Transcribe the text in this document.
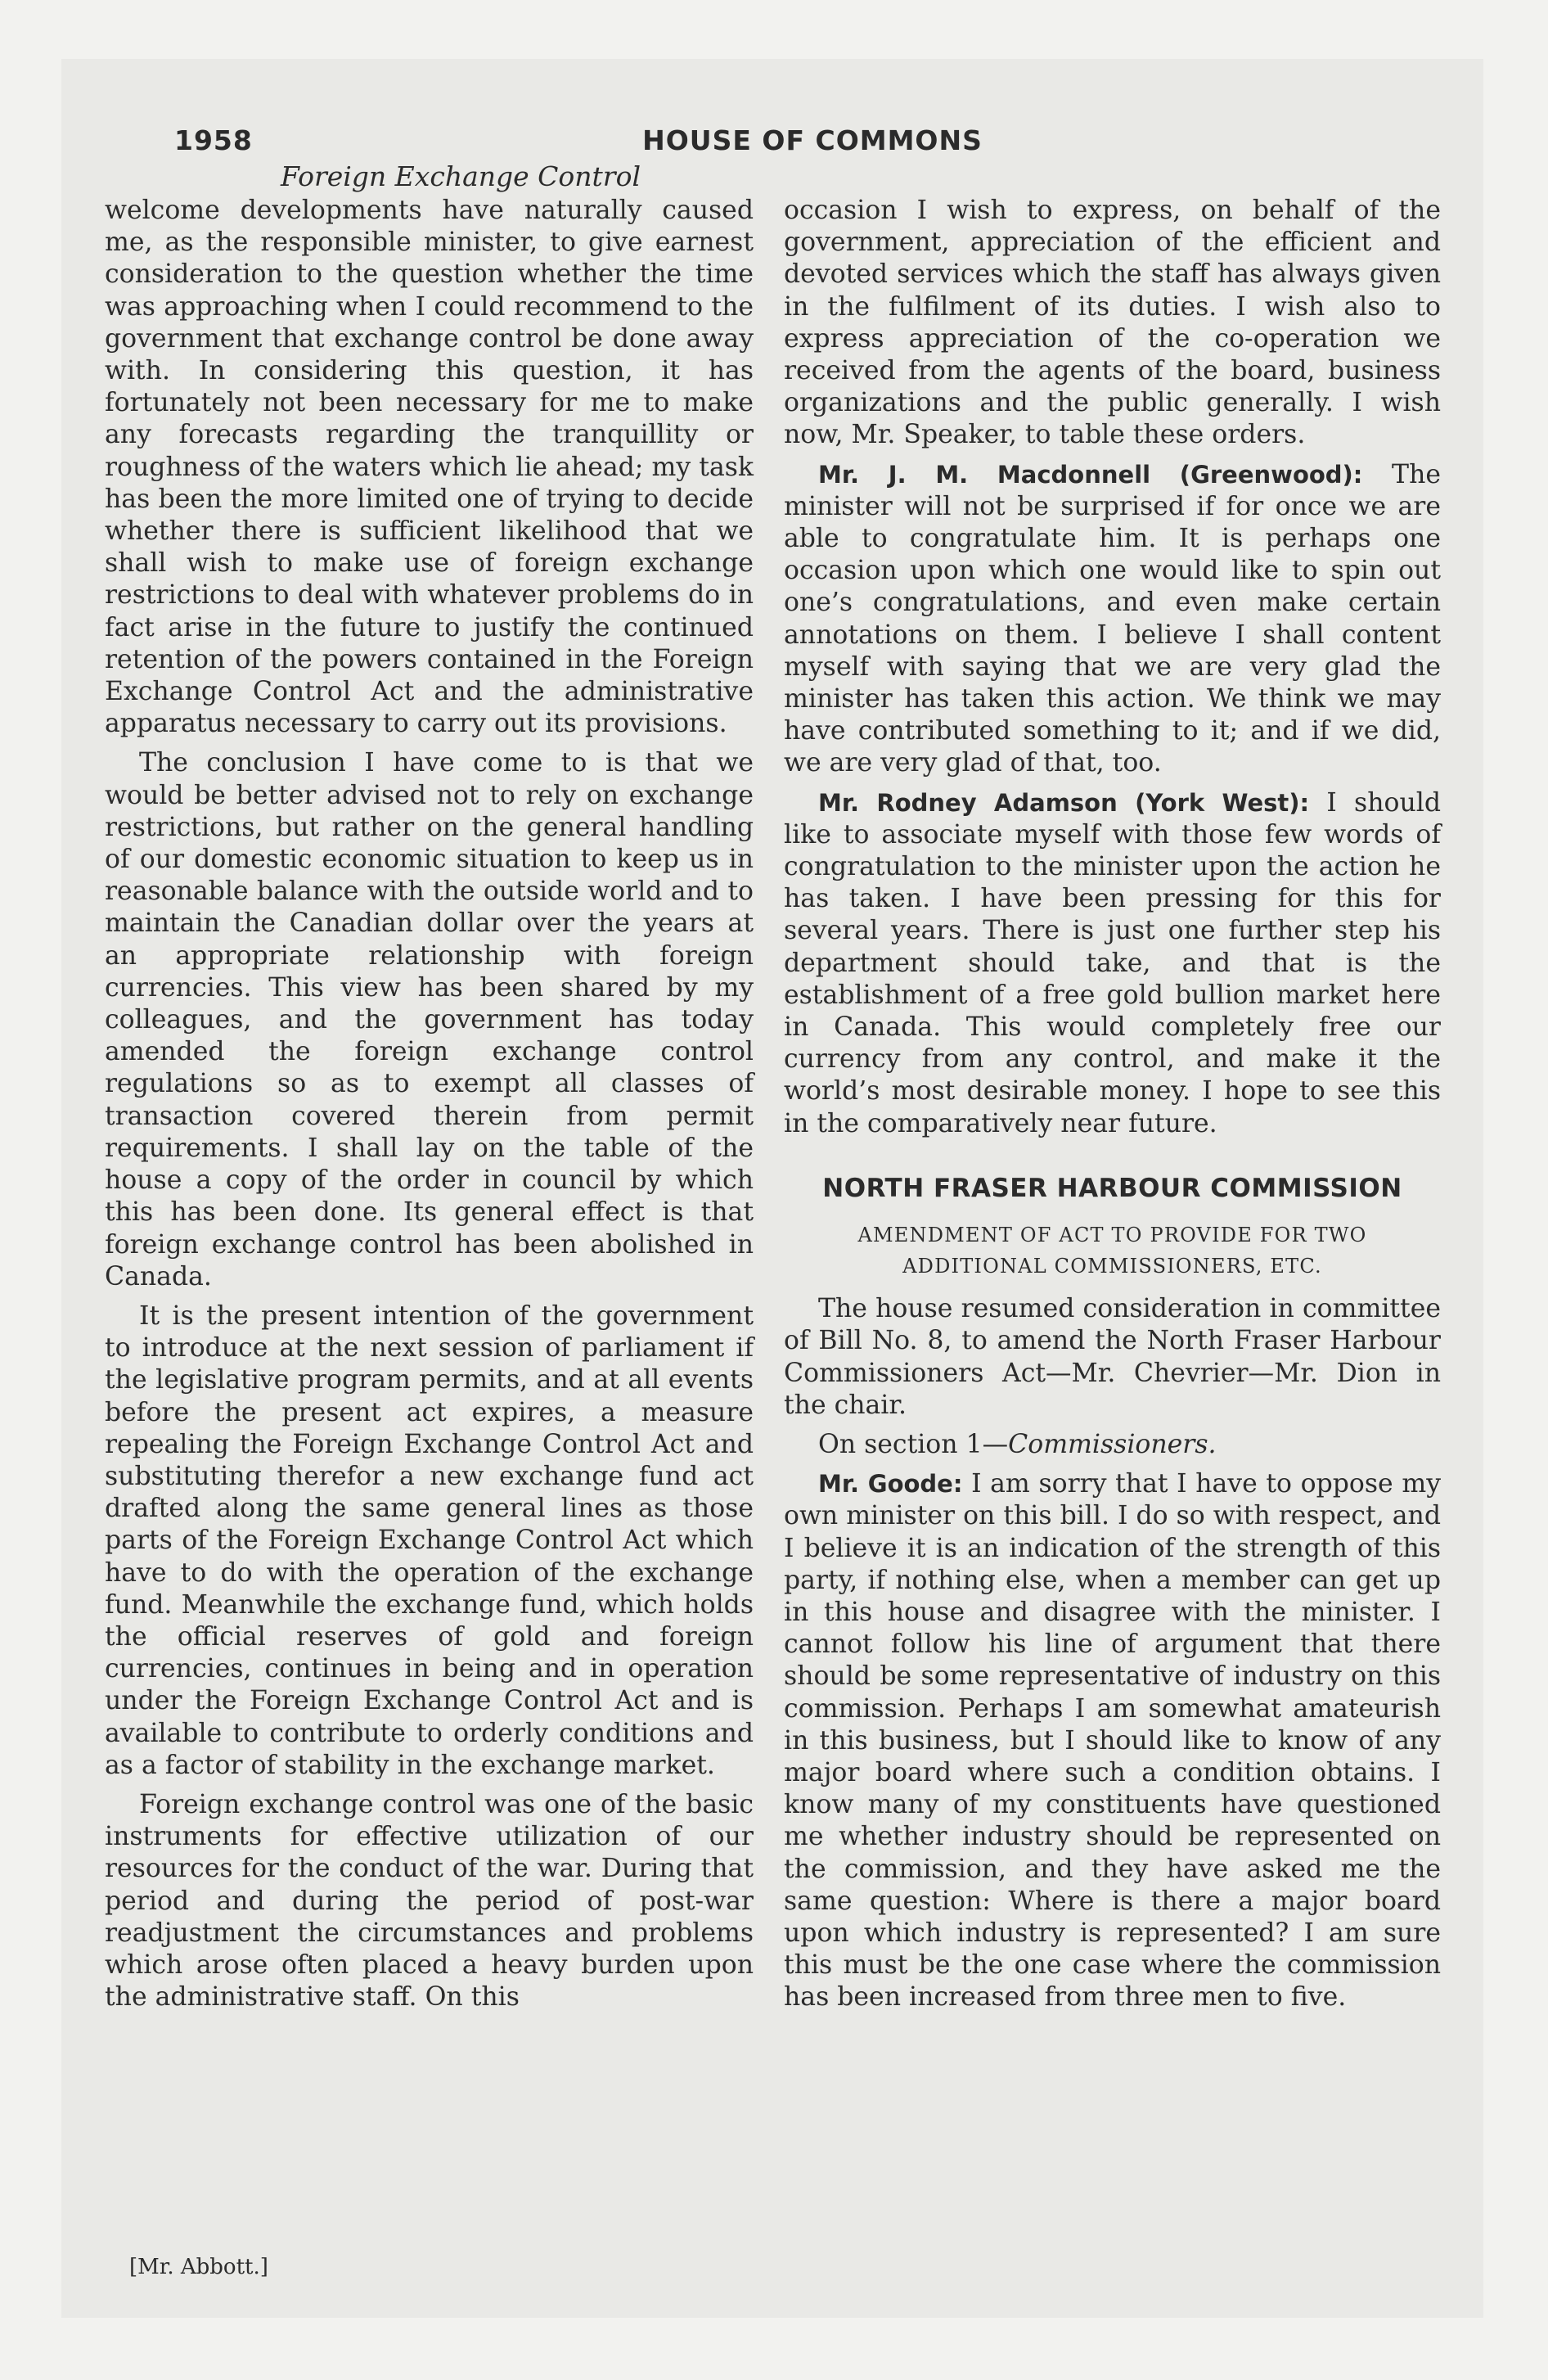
1958	HOUSE OF COMMONS
Foreign Exchange Control

welcome developments have naturally caused me, as the responsible minister, to give earnest consideration to the question whether the time was approaching when I could recommend to the government that exchange control be done away with. In considering this question, it has fortunately not been necessary for me to make any forecasts regarding the tranquillity or roughness of the waters which lie ahead; my task has been the more limited one of trying to decide whether there is sufficient likelihood that we shall wish to make use of foreign exchange restrictions to deal with whatever problems do in fact arise in the future to justify the continued retention of the powers contained in the Foreign Exchange Control Act and the administrative apparatus necessary to carry out its provisions.

The conclusion I have come to is that we would be better advised not to rely on exchange restrictions, but rather on the general handling of our domestic economic situation to keep us in reasonable balance with the outside world and to maintain the Canadian dollar over the years at an appropriate relationship with foreign currencies. This view has been shared by my colleagues, and the government has today amended the foreign exchange control regulations so as to exempt all classes of transaction covered therein from permit requirements. I shall lay on the table of the house a copy of the order in council by which this has been done. Its general effect is that foreign exchange control has been abolished in Canada.

It is the present intention of the government to introduce at the next session of parliament if the legislative program permits, and at all events before the present act expires, a measure repealing the Foreign Exchange Control Act and substituting therefor a new exchange fund act drafted along the same general lines as those parts of the Foreign Exchange Control Act which have to do with the operation of the exchange fund. Meanwhile the exchange fund, which holds the official reserves of gold and foreign currencies, continues in being and in operation under the Foreign Exchange Control Act and is available to contribute to orderly conditions and as a factor of stability in the exchange market.

Foreign exchange control was one of the basic instruments for effective utilization of our resources for the conduct of the war. During that period and during the period of post-war readjustment the circumstances and problems which arose often placed a heavy burden upon the administrative staff. On this

occasion I wish to express, on behalf of the government, appreciation of the efficient and devoted services which the staff has always given in the fulfilment of its duties. I wish also to express appreciation of the co-operation we received from the agents of the board, business organizations and the public generally. I wish now, Mr. Speaker, to table these orders.

Mr. J. M. Macdonnell (Greenwood): The minister will not be surprised if for once we are able to congratulate him. It is perhaps one occasion upon which one would like to spin out one’s congratulations, and even make certain annotations on them. I believe I shall content myself with saying that we are very glad the minister has taken this action. We think we may have contributed something to it; and if we did, we are very glad of that, too.

Mr. Rodney Adamson (York West): I should like to associate myself with those few words of congratulation to the minister upon the action he has taken. I have been pressing for this for several years. There is just one further step his department should take, and that is the establishment of a free gold bullion market here in Canada. This would completely free our currency from any control, and make it the world’s most desirable money. I hope to see this in the comparatively near future.

NORTH FRASER HARBOUR COMMISSION
AMENDMENT OF ACT TO PROVIDE FOR TWO
ADDITIONAL COMMISSIONERS, ETC.

The house resumed consideration in committee of Bill No. 8, to amend the North Fraser Harbour Commissioners Act—Mr. Chevrier—Mr. Dion in the chair.

On section 1—Commissioners.

Mr. Goode: I am sorry that I have to oppose my own minister on this bill. I do so with respect, and I believe it is an indication of the strength of this party, if nothing else, when a member can get up in this house and disagree with the minister. I cannot follow his line of argument that there should be some representative of industry on this commission. Perhaps I am somewhat amateurish in this business, but I should like to know of any major board where such a condition obtains. I know many of my constituents have questioned me whether industry should be represented on the commission, and they have asked me the same question: Where is there a major board upon which industry is represented? I am sure this must be the one case where the commission has been increased from three men to five.

[Mr. Abbott.]
